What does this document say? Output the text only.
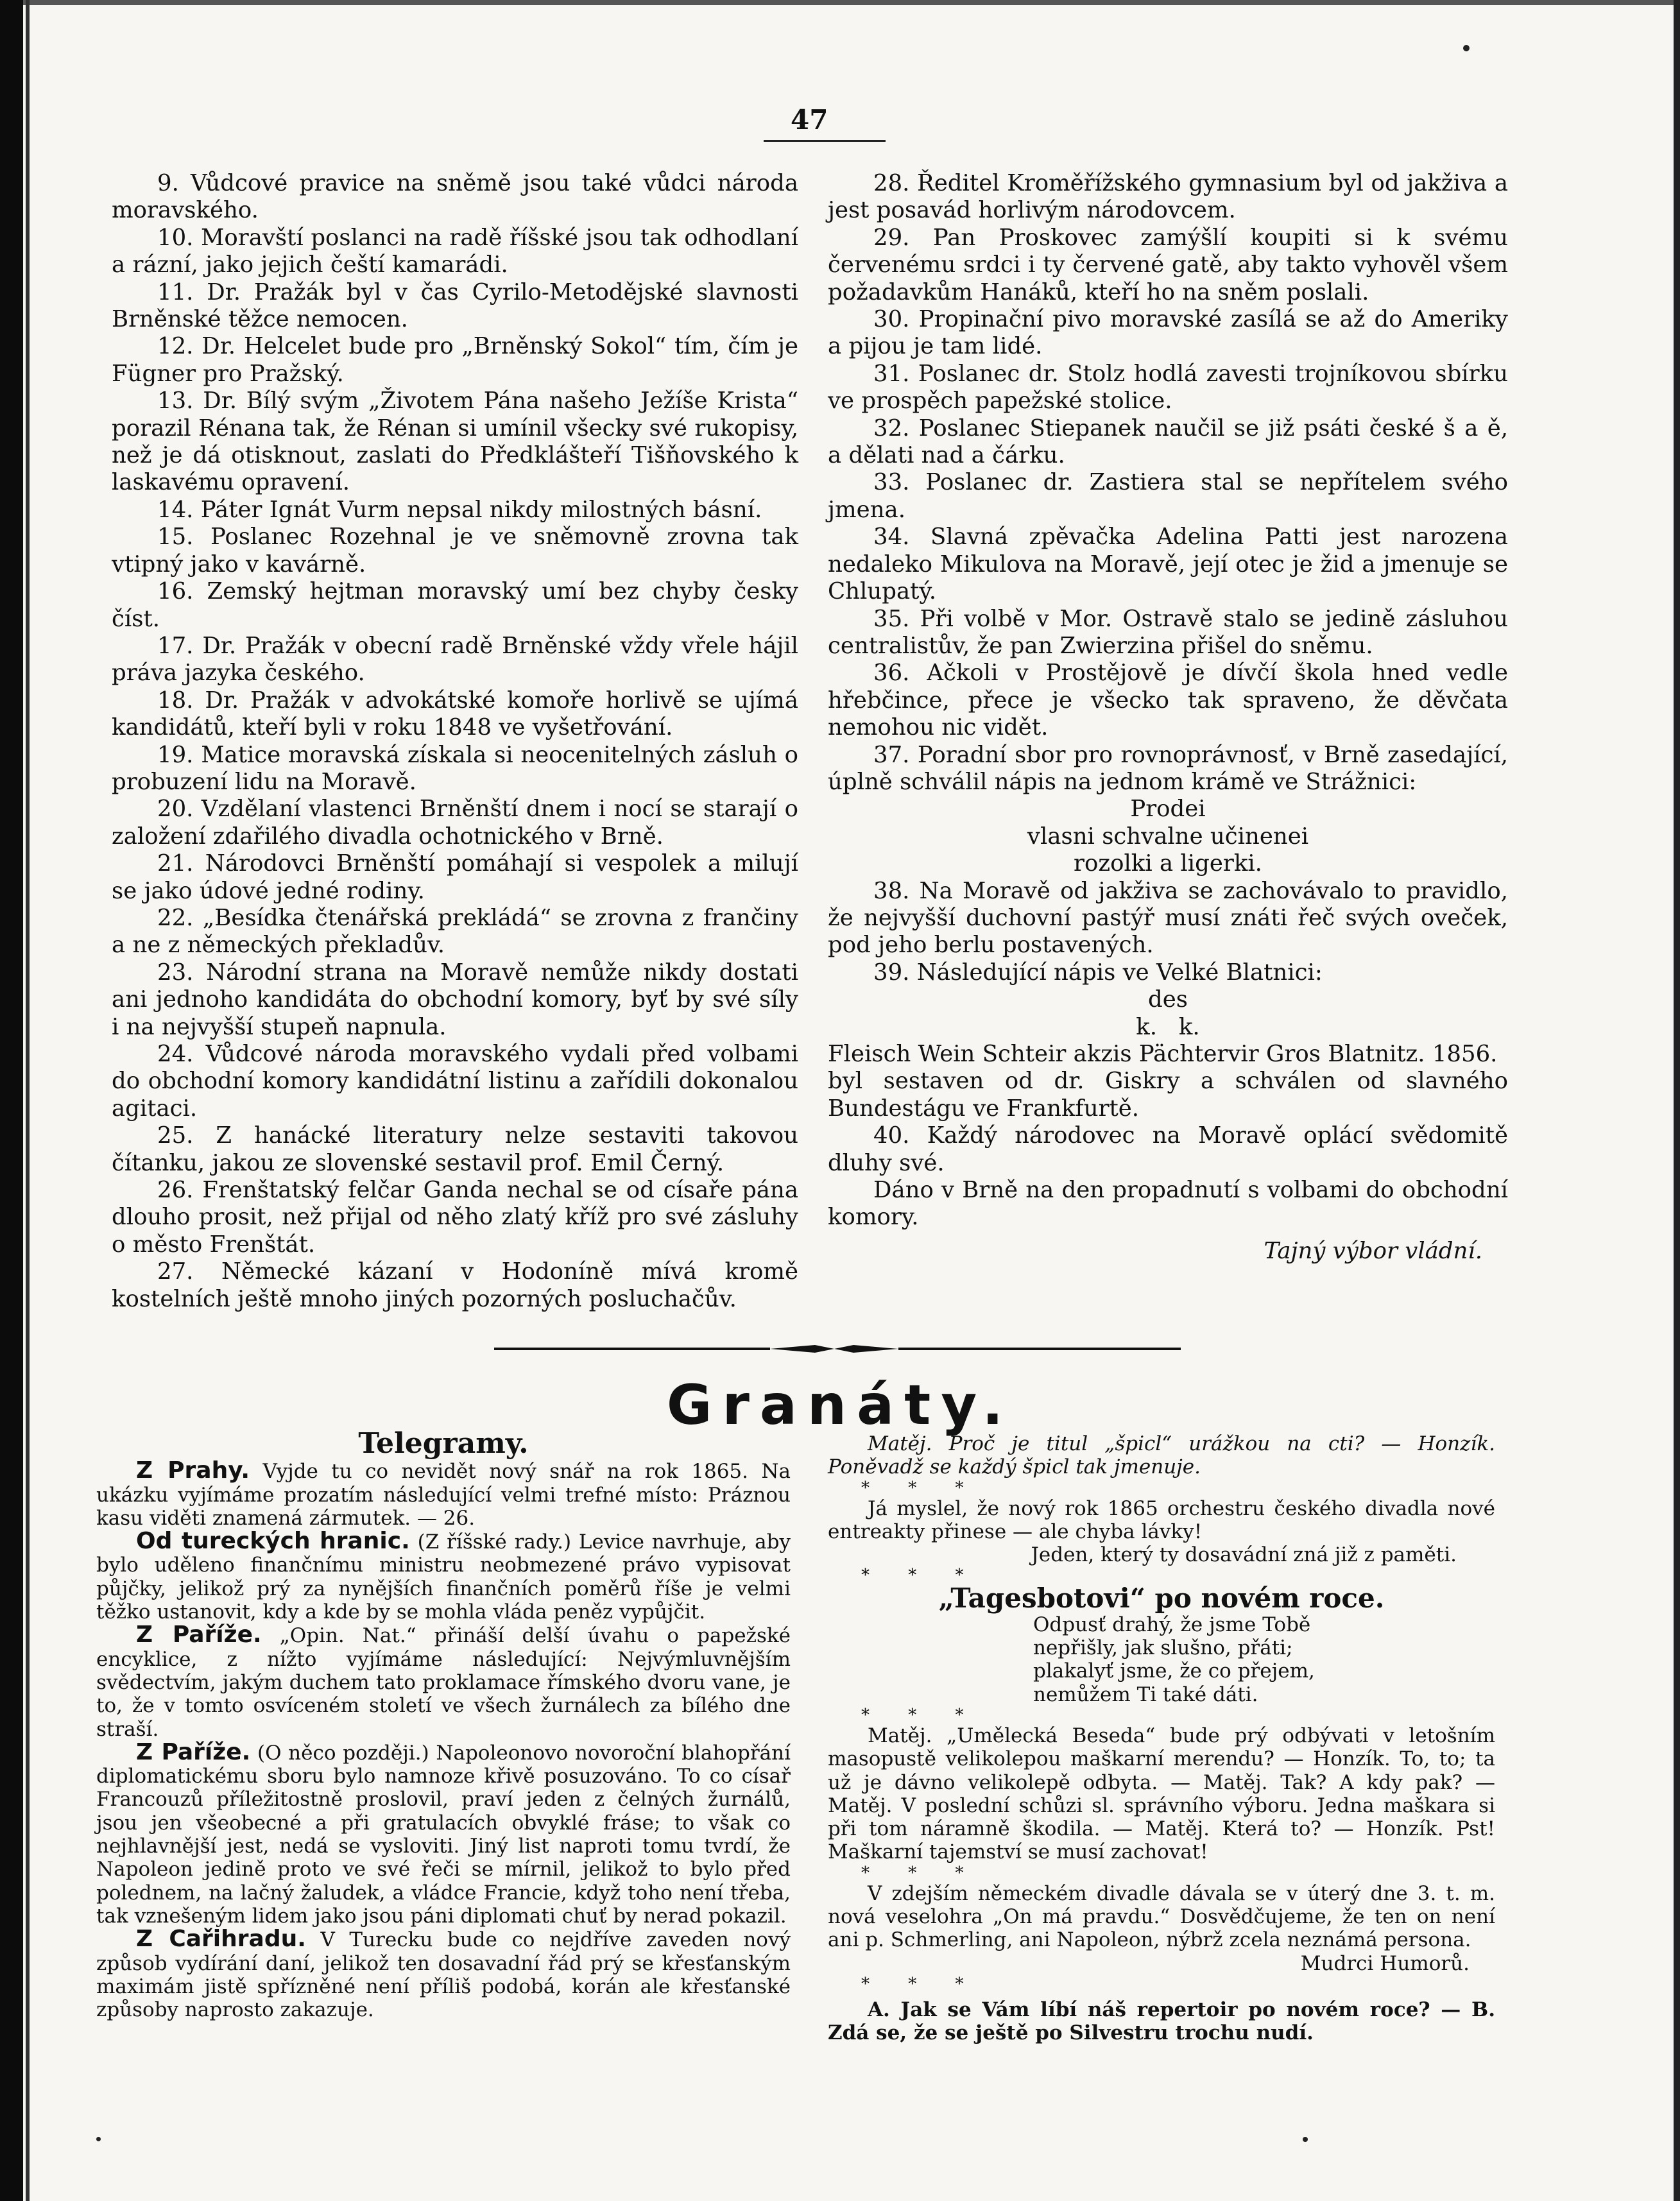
47

9. Vůdcové pravice na sněmě jsou také vůdci národa moravského.

10. Moravští poslanci na radě říšské jsou tak odhodlaní a rázní, jako jejich čeští kamarádi.

11. Dr. Pražák byl v čas Cyrilo-Metodějské slavnosti Brněnské těžce nemocen.

12. Dr. Helcelet bude pro „Brněnský Sokol“ tím, čím je Fügner pro Pražský.

13. Dr. Bílý svým „Životem Pána našeho Ježíše Krista“ porazil Rénana tak, že Rénan si umínil všecky své rukopisy, než je dá otisknout, zaslati do Předklášteří Tišňovského k laskavému opravení.

14. Páter Ignát Vurm nepsal nikdy milostných básní.

15. Poslanec Rozehnal je ve sněmovně zrovna tak vtipný jako v kavárně.

16. Zemský hejtman moravský umí bez chyby česky číst.

17. Dr. Pražák v obecní radě Brněnské vždy vřele hájil práva jazyka českého.

18. Dr. Pražák v advokátské komoře horlivě se ujímá kandidátů, kteří byli v roku 1848 ve vyšetřování.

19. Matice moravská získala si neocenitelných zásluh o probuzení lidu na Moravě.

20. Vzdělaní vlastenci Brněnští dnem i nocí se starají o založení zdařilého divadla ochotnického v Brně.

21. Národovci Brněnští pomáhají si vespolek a milují se jako údové jedné rodiny.

22. „Besídka čtenářská prekládá“ se zrovna z frančiny a ne z německých překladův.

23. Národní strana na Moravě nemůže nikdy dostati ani jednoho kandidáta do obchodní komory, byť by své síly i na nejvyšší stupeň napnula.

24. Vůdcové národa moravského vydali před volbami do obchodní komory kandidátní listinu a zařídili dokonalou agitaci.

25. Z hanácké literatury nelze sestaviti takovou čítanku, jakou ze slovenské sestavil prof. Emil Černý.

26. Frenštatský felčar Ganda nechal se od císaře pána dlouho prosit, než přijal od něho zlatý kříž pro své zásluhy o město Frenštát.

27. Německé kázaní v Hodoníně mívá kromě kostelních ještě mnoho jiných pozorných posluchačův.

28. Ředitel Kroměřížského gymnasium byl od jakživa a jest posavád horlivým národovcem.

29. Pan Proskovec zamýšlí koupiti si k svému červenému srdci i ty červené gatě, aby takto vyhověl všem požadavkům Hanáků, kteří ho na sněm poslali.

30. Propinační pivo moravské zasílá se až do Ameriky a pijou je tam lidé.

31. Poslanec dr. Stolz hodlá zavesti trojníkovou sbírku ve prospěch papežské stolice.

32. Poslanec Stiepanek naučil se již psáti české š a ě, a dělati nad a čárku.

33. Poslanec dr. Zastiera stal se nepřítelem svého jmena.

34. Slavná zpěvačka Adelina Patti jest narozena nedaleko Mikulova na Moravě, její otec je žid a jmenuje se Chlupatý.

35. Při volbě v Mor. Ostravě stalo se jedině zásluhou centralistův, že pan Zwierzina přišel do sněmu.

36. Ačkoli v Prostějově je dívčí škola hned vedle hřebčince, přece je všecko tak spraveno, že děvčata nemohou nic vidět.

37. Poradní sbor pro rovnoprávnosť, v Brně zasedající, úplně schválil nápis na jednom krámě ve Strážnici:

Prodei

vlasni schvalne učinenei

rozolki a ligerki.

38. Na Moravě od jakživa se zachovávalo to pravidlo, že nejvyšší duchovní pastýř musí znáti řeč svých oveček, pod jeho berlu postavených.

39. Následující nápis ve Velké Blatnici:

des

k.   k.

Fleisch Wein Schteir akzis Pächtervir Gros Blatnitz. 1856.

byl sestaven od dr. Giskry a schválen od slavného Bundestágu ve Frankfurtě.

40. Každý národovec na Moravě oplácí svědomitě dluhy své.

Dáno v Brně na den propadnutí s volbami do obchodní komory.

Tajný výbor vládní.

Granáty.
Telegramy.

Z Prahy. Vyjde tu co nevidět nový snář na rok 1865. Na ukázku vyjímáme prozatím následující velmi trefné místo: Práznou kasu viděti znamená zármutek. — 26.

Od tureckých hranic. (Z říšské rady.) Levice navrhuje, aby bylo uděleno finančnímu ministru neobmezené právo vypisovat půjčky, jelikož prý za nynějších finančních poměrů říše je velmi těžko ustanovit, kdy a kde by se mohla vláda peněz vypůjčit.

Z Paříže. „Opin. Nat.“ přináší delší úvahu o papežské encyklice, z nížto vyjímáme následující: Nejvýmluvnějším svědectvím, jakým duchem tato proklamace římského dvoru vane, je to, že v tomto osvíceném století ve všech žurnálech za bílého dne straší.

Z Paříže. (O něco později.) Napoleonovo novoroční blahopřání diplomatickému sboru bylo namnoze křivě posuzováno. To co císař Francouzů příležitostně proslovil, praví jeden z čelných žurnálů, jsou jen všeobecné a při gratulacích obvyklé fráse; to však co nejhlavnější jest, nedá se vysloviti. Jiný list naproti tomu tvrdí, že Napoleon jedině proto ve své řeči se mírnil, jelikož to bylo před polednem, na lačný žaludek, a vládce Francie, když toho není třeba, tak vznešeným lidem jako jsou páni diplomati chuť by nerad pokazil.

Z Cařihradu. V Turecku bude co nejdříve zaveden nový způsob vydírání daní, jelikož ten dosavadní řád prý se křesťanským maximám jistě spřízněné není příliš podobá, korán ale křesťanské způsoby naprosto zakazuje.

Matěj. Proč je titul „špicl“ urážkou na cti? — Honzík. Poněvadž se každý špicl tak jmenuje.

* * *

Já myslel, že nový rok 1865 orchestru českého divadla nové entreakty přinese — ale chyba lávky!

Jeden, který ty dosavádní zná již z paměti.

* * *

„Tagesbotovi“ po novém roce.

Odpusť drahý, že jsme Tobě

nepřišly, jak slušno, přáti;

plakalyť jsme, že co přejem,

nemůžem Ti také dáti.

* * *

Matěj. „Umělecká Beseda“ bude prý odbývati v letošním masopustě velikolepou maškarní merendu? — Honzík. To, to; ta už je dávno velikolepě odbyta. — Matěj. Tak? A kdy pak? — Matěj. V poslední schůzi sl. správního výboru. Jedna maškara si při tom náramně škodila. — Matěj. Která to? — Honzík. Pst! Maškarní tajemství se musí zachovat!

* * *

V zdejším německém divadle dávala se v úterý dne 3. t. m. nová veselohra „On má pravdu.“ Dosvědčujeme, že ten on není ani p. Schmerling, ani Napoleon, nýbrž zcela neznámá persona.

Mudrci Humorů.

* * *

A. Jak se Vám líbí náš repertoir po novém roce? — B. Zdá se, že se ještě po Silvestru trochu nudí.
